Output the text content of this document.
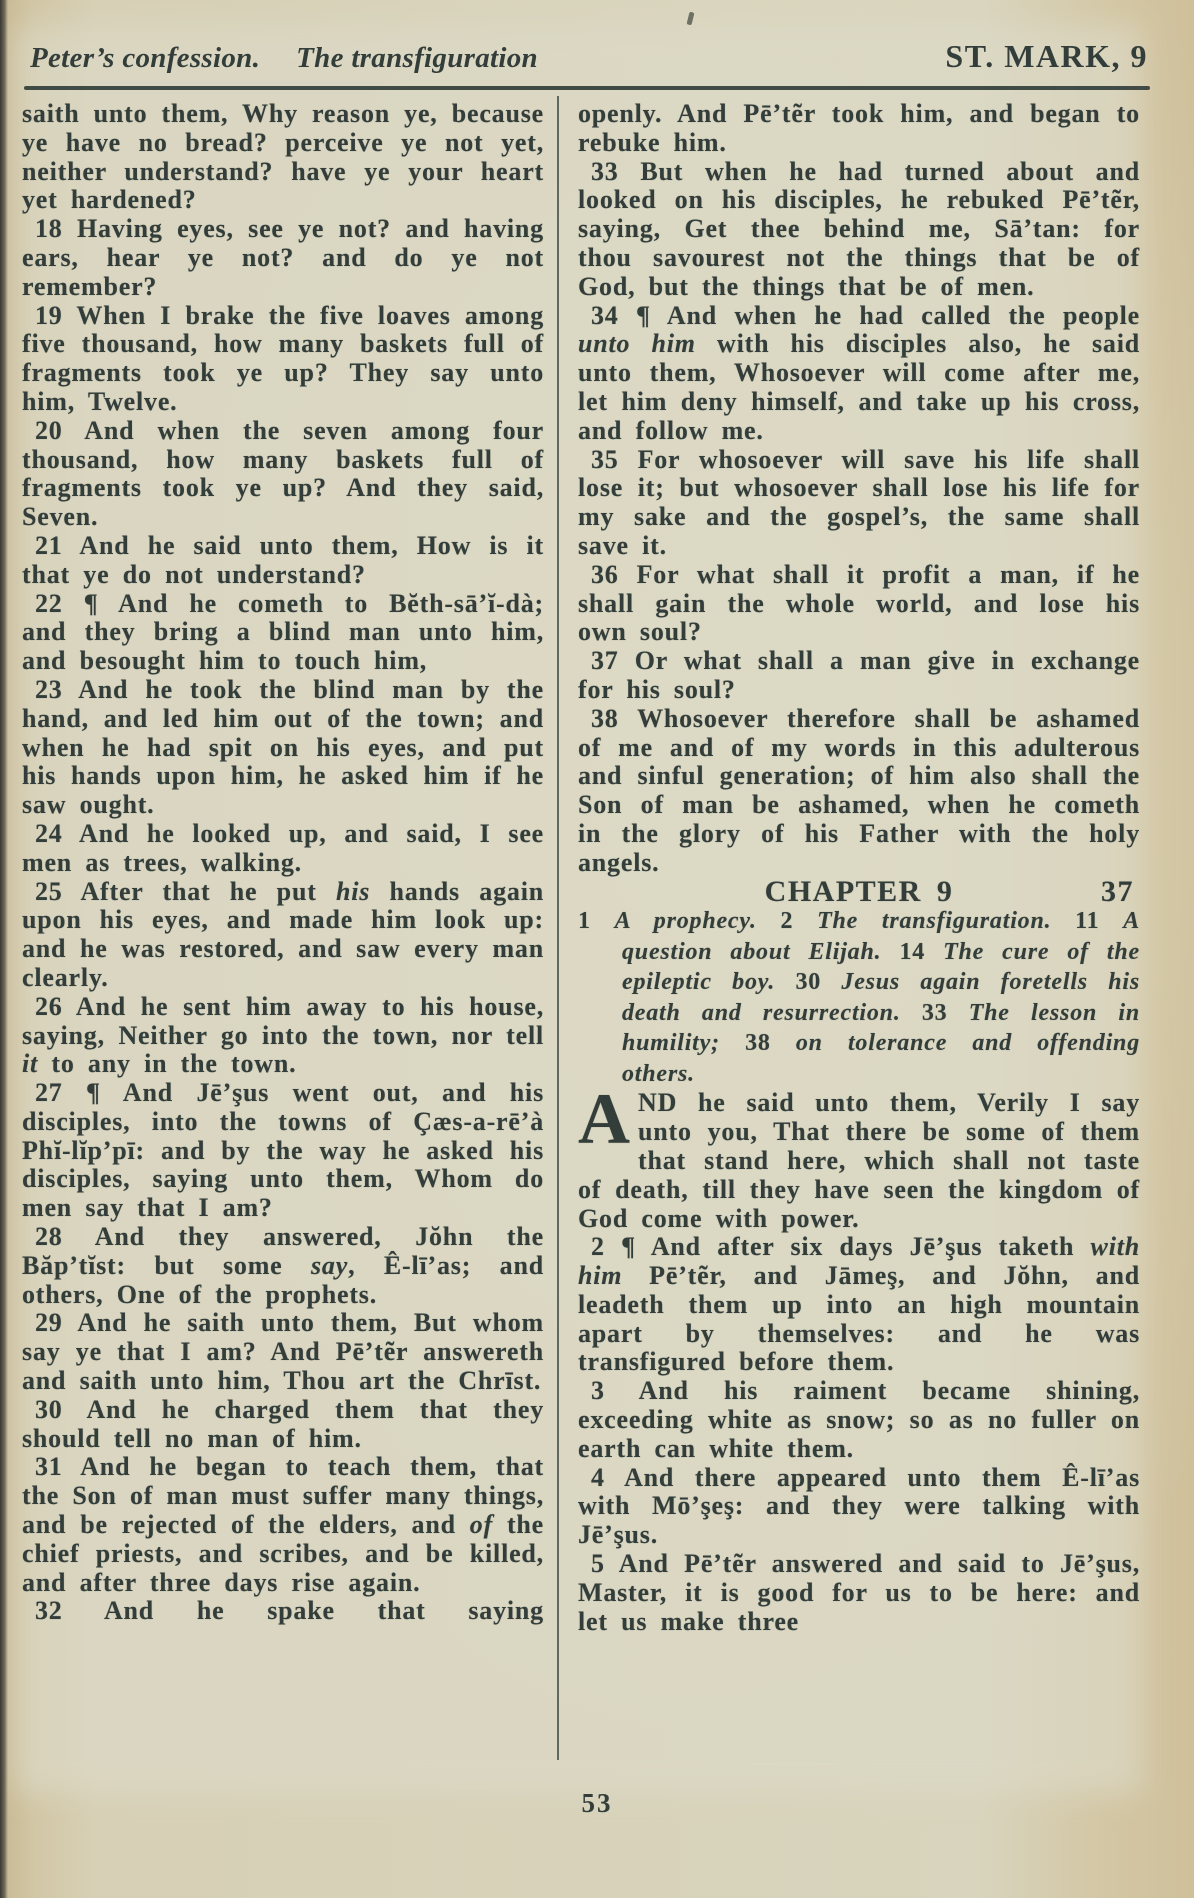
Peter’s confession. The transfiguration	ST. MARK, 9

saith unto them, Why reason ye, because ye have no bread? perceive ye not yet, neither understand? have ye your heart yet hardened?

18 Having eyes, see ye not? and having ears, hear ye not? and do ye not remember?

19 When I brake the five loaves among five thousand, how many baskets full of fragments took ye up? They say unto him, Twelve.

20 And when the seven among four thousand, how many baskets full of fragments took ye up? And they said, Seven.

21 And he said unto them, How is it that ye do not understand?

22 ¶ And he cometh to Bĕth-sā’ĭ-dà; and they bring a blind man unto him, and besought him to touch him,

23 And he took the blind man by the hand, and led him out of the town; and when he had spit on his eyes, and put his hands upon him, he asked him if he saw ought.

24 And he looked up, and said, I see men as trees, walking.

25 After that he put his hands again upon his eyes, and made him look up: and he was restored, and saw every man clearly.

26 And he sent him away to his house, saying, Neither go into the town, nor tell it to any in the town.

27 ¶ And Jē’şus went out, and his disciples, into the towns of Çæs-a-rē’à Phĭ-lĭp’pī: and by the way he asked his disciples, saying unto them, Whom do men say that I am?

28 And they answered, Jŏhn the Băp’tĭst: but some say, Ê-lī’as; and others, One of the prophets.

29 And he saith unto them, But whom say ye that I am? And Pē’tẽr answereth and saith unto him, Thou art the Chrīst.

30 And he charged them that they should tell no man of him.

31 And he began to teach them, that the Son of man must suffer many things, and be rejected of the elders, and of the chief priests, and scribes, and be killed, and after three days rise again.

32 And he spake that saying

openly. And Pē’tẽr took him, and began to rebuke him.

33 But when he had turned about and looked on his disciples, he rebuked Pē’tẽr, saying, Get thee behind me, Sā’tan: for thou savourest not the things that be of God, but the things that be of men.

34 ¶ And when he had called the people unto him with his disciples also, he said unto them, Whosoever will come after me, let him deny himself, and take up his cross, and follow me.

35 For whosoever will save his life shall lose it; but whosoever shall lose his life for my sake and the gospel’s, the same shall save it.

36 For what shall it profit a man, if he shall gain the whole world, and lose his own soul?

37 Or what shall a man give in exchange for his soul?

38 Whosoever therefore shall be ashamed of me and of my words in this adulterous and sinful generation; of him also shall the Son of man be ashamed, when he cometh in the glory of his Father with the holy angels.

CHAPTER 9	37

1 A prophecy. 2 The transfiguration. 11 A question about Elijah. 14 The cure of the epileptic boy. 30 Jesus again foretells his death and resurrection. 33 The lesson in humility; 38 on tolerance and offending others.

AND he said unto them, Verily I say unto you, That there be some of them that stand here, which shall not taste of death, till they have seen the kingdom of God come with power.

2 ¶ And after six days Jē’şus taketh with him Pē’tẽr, and Jāmeş, and Jŏhn, and leadeth them up into an high mountain apart by themselves: and he was transfigured before them.

3 And his raiment became shining, exceeding white as snow; so as no fuller on earth can white them.

4 And there appeared unto them Ê-lī’as with Mō’şeş: and they were talking with Jē’şus.

5 And Pē’tẽr answered and said to Jē’şus, Master, it is good for us to be here: and let us make three

53
